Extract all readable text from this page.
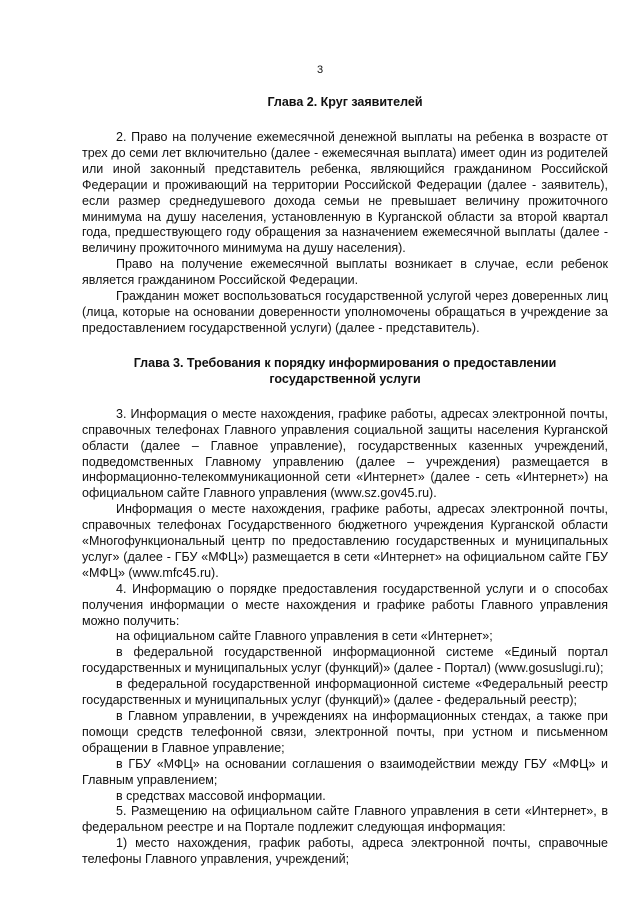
3
Глава 2. Круг заявителей

2. Право на получение ежемесячной денежной выплаты на ребенка в возрасте от трех до семи лет включительно (далее - ежемесячная выплата) имеет один из родителей или иной законный представитель ребенка, являющийся гражданином Российской Федерации и проживающий на территории Российской Федерации (далее - заявитель), если размер среднедушевого дохода семьи не превышает величину прожиточного минимума на душу населения, установленную в Курганской области за второй квартал года, предшествующего году обращения за назначением ежемесячной выплаты (далее - величину прожиточного минимума на душу населения).

Право на получение ежемесячной выплаты возникает в случае, если ребенок является гражданином Российской Федерации.

Гражданин может воспользоваться государственной услугой через доверенных лиц (лица, которые на основании доверенности уполномочены обращаться в учреждение за предоставлением государственной услуги) (далее - представитель).

Глава 3. Требования к порядку информирования о предоставлении
государственной услуги

3. Информация о месте нахождения, графике работы, адресах электронной почты, справочных телефонах Главного управления социальной защиты населения Курганской области (далее – Главное управление), государственных казенных учреждений, подведомственных Главному управлению (далее – учреждения) размещается в информационно-телекоммуникационной сети «Интернет» (далее - сеть «Интернет») на официальном сайте Главного управления (www.sz.gov45.ru).

Информация о месте нахождения, графике работы, адресах электронной почты, справочных телефонах Государственного бюджетного учреждения Курганской области «Многофункциональный центр по предоставлению государственных и муниципальных услуг» (далее - ГБУ «МФЦ») размещается в сети «Интернет» на официальном сайте ГБУ «МФЦ» (www.mfc45.ru).

4. Информацию о порядке предоставления государственной услуги и о способах получения информации о месте нахождения и графике работы Главного управления можно получить:

на официальном сайте Главного управления в сети «Интернет»;

в федеральной государственной информационной системе «Единый портал государственных и муниципальных услуг (функций)» (далее - Портал) (www.gosuslugi.ru);

в федеральной государственной информационной системе «Федеральный реестр государственных и муниципальных услуг (функций)» (далее - федеральный реестр);

в Главном управлении, в учреждениях на информационных стендах, а также при помощи средств телефонной связи, электронной почты, при устном и письменном обращении в Главное управление;

в ГБУ «МФЦ» на основании соглашения о взаимодействии между ГБУ «МФЦ» и Главным управлением;

в средствах массовой информации.

5. Размещению на официальном сайте Главного управления в сети «Интернет», в федеральном реестре и на Портале подлежит следующая информация:

1) место нахождения, график работы, адреса электронной почты, справочные телефоны Главного управления, учреждений;
